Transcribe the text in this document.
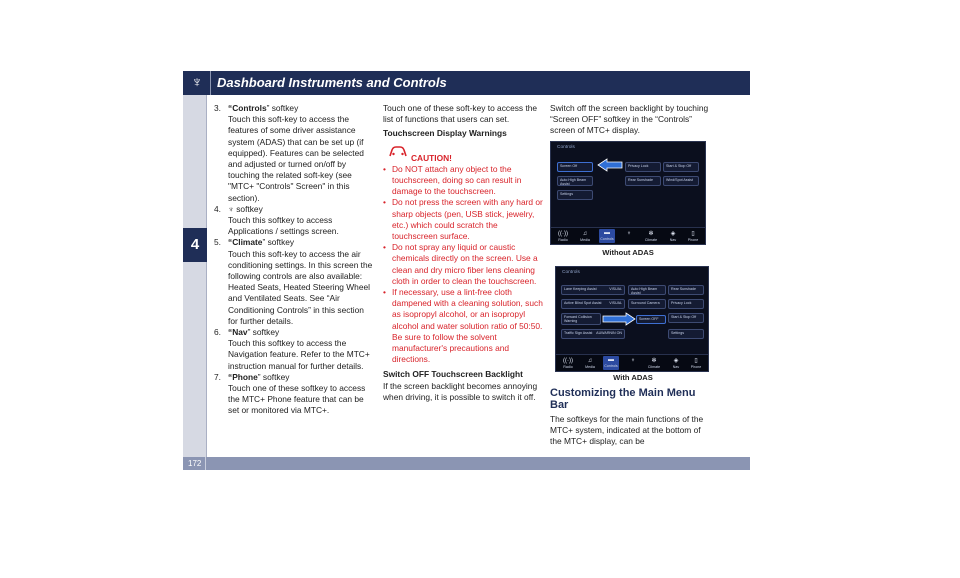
♆ Dashboard Instruments and Controls
4
172

3. “Controls” softkey

Touch this soft-key to access the features of some driver assistance system (ADAS) that can be set up (if equipped). Features can be selected and adjusted or turned on/off by touching the related soft-key (see "MTC+ "Controls" Screen" in this section).

4. ♆ softkey

Touch this softkey to access Applications / settings screen.

5. “Climate” softkey

Touch this soft-key to access the air conditioning settings. In this screen the following controls are also available: Heated Seats, Heated Steering Wheel and Ventilated Seats. See “Air Conditioning Controls” in this section for further details.

6. “Nav” softkey

Touch this softkey to access the Navigation feature. Refer to the MTC+ instruction manual for further details.

7. “Phone” softkey

Touch one of these softkey to access the MTC+ Phone feature that can be set or monitored via MTC+.

Touch one of these soft-key to access the list of functions that users can set.

Touchscreen Display Warnings

CAUTION!

• Do NOT attach any object to the touchscreen, doing so can result in damage to the touchscreen.

• Do not press the screen with any hard or sharp objects (pen, USB stick, jewelry, etc.) which could scratch the touchscreen surface.

• Do not spray any liquid or caustic chemicals directly on the screen. Use a clean and dry micro fiber lens cleaning cloth in order to clean the touchscreen.

• If necessary, use a lint-free cloth dampened with a cleaning solution, such as isopropyl alcohol, or an isopropyl alcohol and water solution ratio of 50:50. Be sure to follow the solvent manufacturer's precautions and directions.

Switch OFF Touchscreen Backlight

If the screen backlight becomes annoying when driving, it is possible to switch it off.

Switch off the screen backlight by touching “Screen OFF” softkey in the “Controls” screen of MTC+ display.

Controls
Screen Off	Privacy Lock	Start & Stop Off
Auto High Beam Assist
Rear Sunshade	Wind/Spot Assist
Settings
((·))
Radio
♫
Media
▬
Controls
♆	✻
Climate
◈
Nav
▯
Phone
Without ADAS
Controls
Lane Keeping Assist	VISUAL	Auto High Beam Assist
Rear Sunshade
Active Blind Spot Assist VISUAL	Surround Camera	Privacy Lock
Forward Collision Warning	Screen OFF	Start & Stop Off
Traffic Sign Assist AUWARNIN ON	Settings
((·))
Radio
♫
Media
▬
Controls
♆	✻
Climate
◈
Nav
▯
Phone
With ADAS

Customizing the Main Menu Bar

The softkeys for the main functions of the MTC+ system, indicated at the bottom of the MTC+ display, can be
